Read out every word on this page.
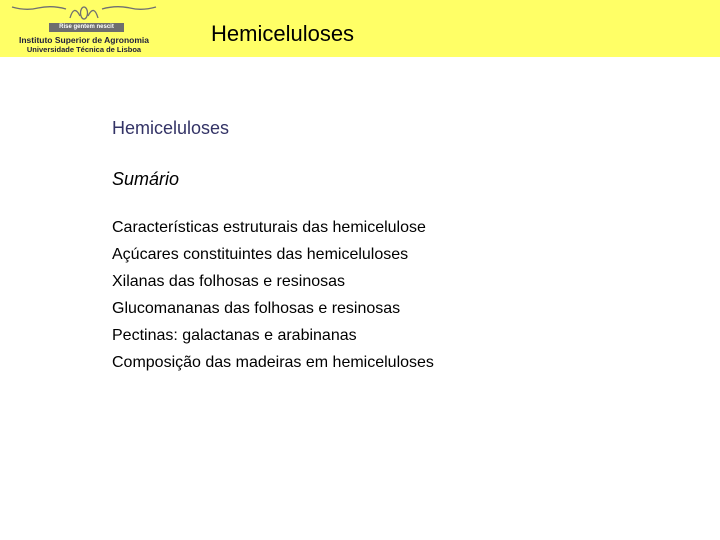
Rise gentem nescit
Instituto Superior de Agronomia
Universidade Técnica de Lisboa
Hemiceluloses
Hemiceluloses
Sumário
Características estruturais das hemicelulose
Açúcares constituintes das hemiceluloses
Xilanas das folhosas e resinosas
Glucomananas das folhosas e resinosas
Pectinas: galactanas e arabinanas
Composição das madeiras em hemiceluloses
